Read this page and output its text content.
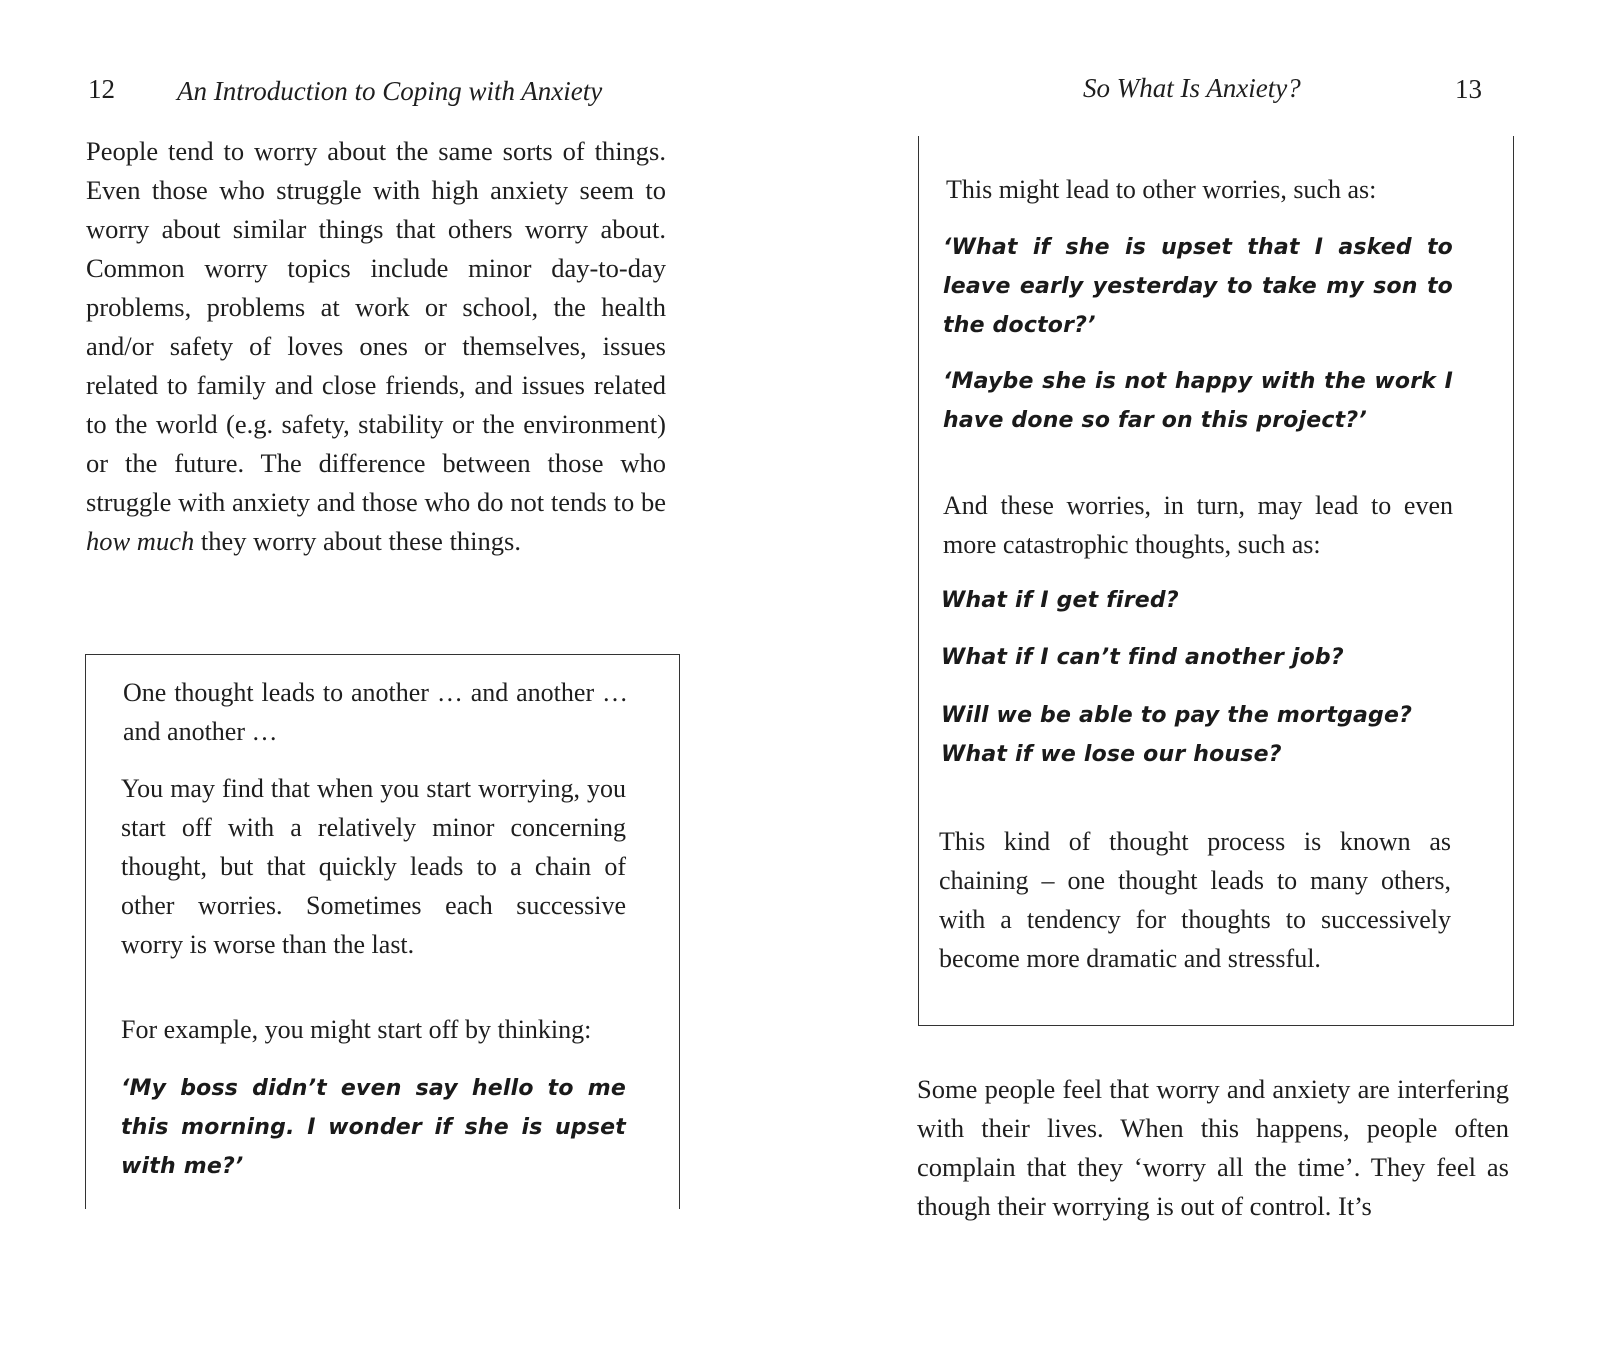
12 An Introduction to Coping with Anxiety

People tend to worry about the same sorts of things. Even those who struggle with high anxiety seem to worry about similar things that others worry about. Common worry topics include minor day-to-day problems, problems at work or school, the health and/or safety of loves ones or themselves, issues related to family and close friends, and issues related to the world (e.g. safety, stability or the environment) or the future. The difference between those who struggle with anxiety and those who do not tends to be how much they worry about these things.

One thought leads to another … and another … and another …

You may find that when you start worrying, you start off with a relatively minor concerning thought, but that quickly leads to a chain of other worries. Sometimes each successive worry is worse than the last.

For example, you might start off by thinking:

‘My boss didn’t even say hello to me this morning. I wonder if she is upset with me?’

So What Is Anxiety?	13

This might lead to other worries, such as:

‘What if she is upset that I asked to leave early yesterday to take my son to the doctor?’

‘Maybe she is not happy with the work I have done so far on this project?’

And these worries, in turn, may lead to even more catastrophic thoughts, such as:

What if I get fired?

What if I can’t find another job?

Will we be able to pay the mortgage? What if we lose our house?

This kind of thought process is known as chaining – one thought leads to many others, with a tendency for thoughts to successively become more dramatic and stressful.

Some people feel that worry and anxiety are interfering with their lives. When this happens, people often complain that they ‘worry all the time’. They feel as though their worrying is out of control. It’s
